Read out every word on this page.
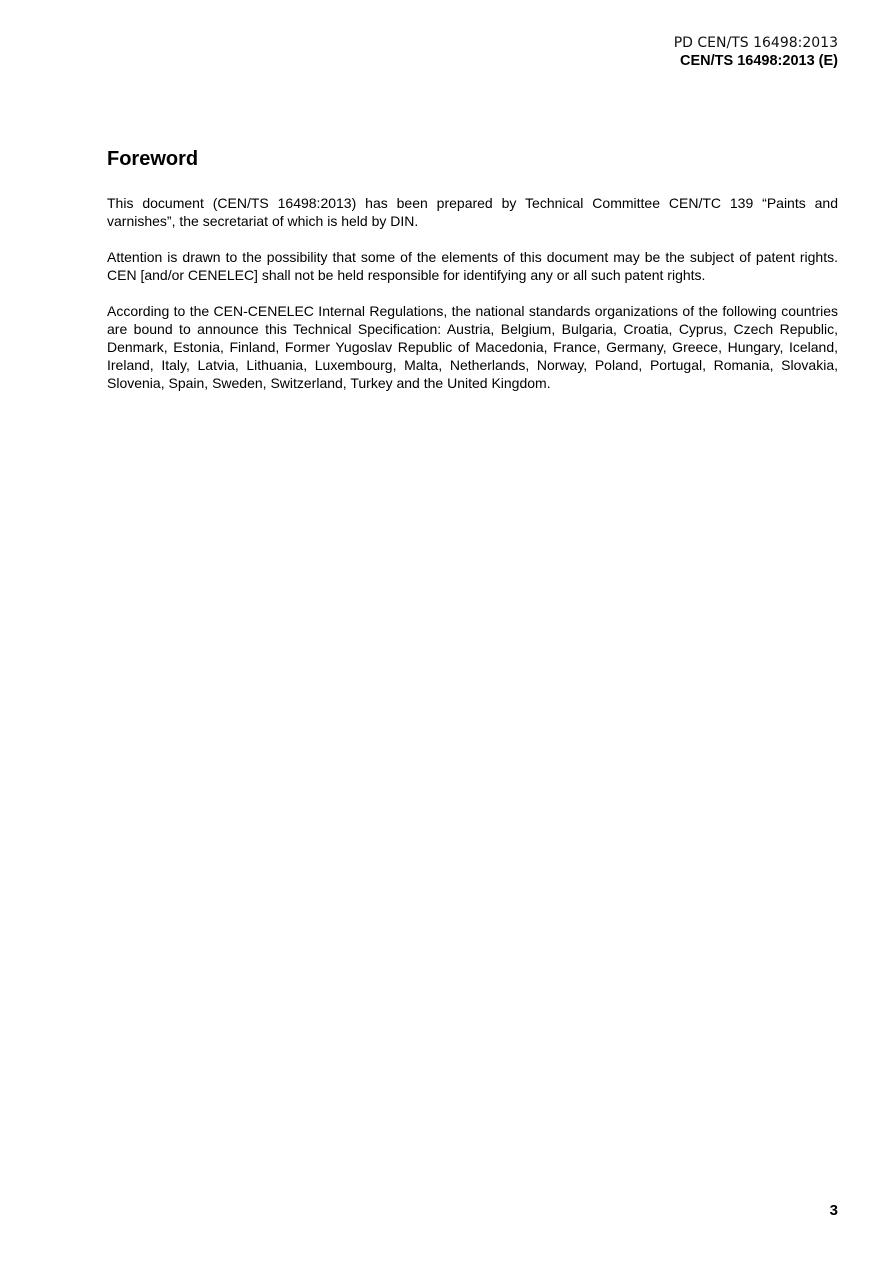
PD CEN/TS 16498:2013
CEN/TS 16498:2013 (E)
Foreword

This document (CEN/TS 16498:2013) has been prepared by Technical Committee CEN/TC 139 “Paints and varnishes”, the secretariat of which is held by DIN.

Attention is drawn to the possibility that some of the elements of this document may be the subject of patent rights. CEN [and/or CENELEC] shall not be held responsible for identifying any or all such patent rights.

According to the CEN-CENELEC Internal Regulations, the national standards organizations of the following countries are bound to announce this Technical Specification: Austria, Belgium, Bulgaria, Croatia, Cyprus, Czech Republic, Denmark, Estonia, Finland, Former Yugoslav Republic of Macedonia, France, Germany, Greece, Hungary, Iceland, Ireland, Italy, Latvia, Lithuania, Luxembourg, Malta, Netherlands, Norway, Poland, Portugal, Romania, Slovakia, Slovenia, Spain, Sweden, Switzerland, Turkey and the United Kingdom.

3
